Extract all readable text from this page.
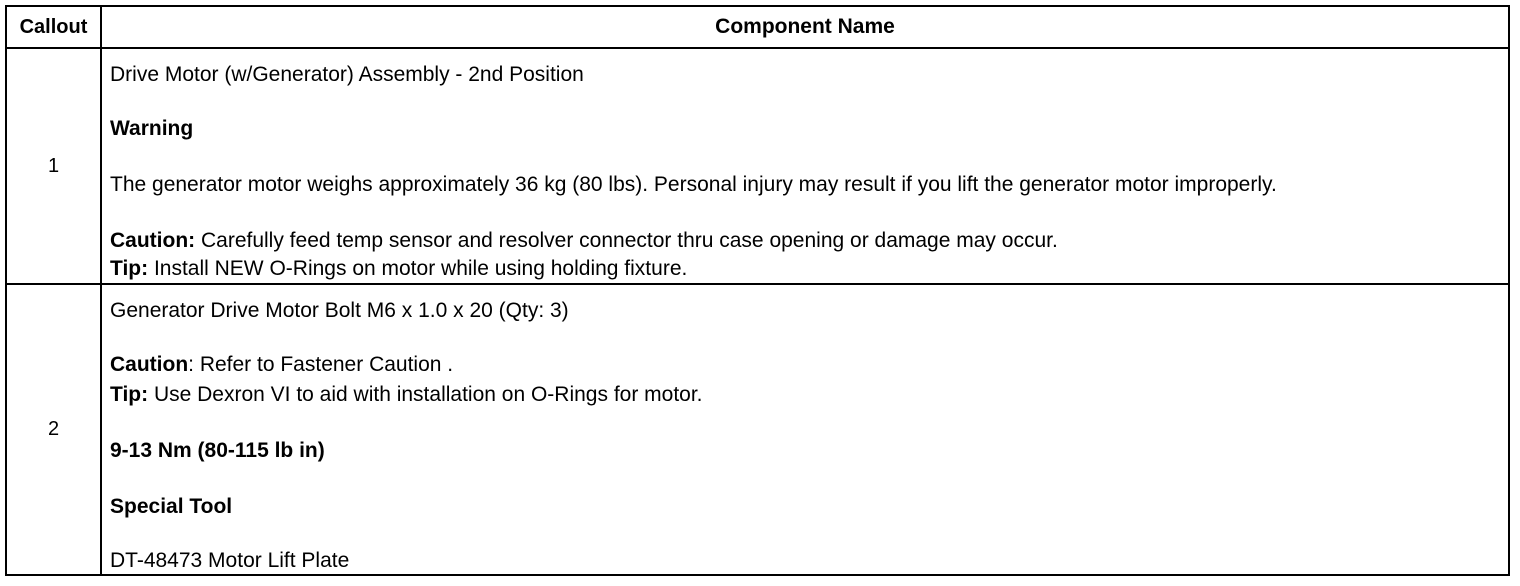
Callout	Component Name
1
Drive Motor (w/Generator) Assembly - 2nd Position
Warning
The generator motor weighs approximately 36 kg (80 lbs). Personal injury may result if you lift the generator motor improperly.
Caution: Carefully feed temp sensor and resolver connector thru case opening or damage may occur.
Tip: Install NEW O-Rings on motor while using holding fixture.
2
Generator Drive Motor Bolt M6 x 1.0 x 20 (Qty: 3)
Caution: Refer to Fastener Caution .
Tip: Use Dexron VI to aid with installation on O-Rings for motor.
9-13 Nm (80-115 lb in)
Special Tool
DT-48473 Motor Lift Plate
